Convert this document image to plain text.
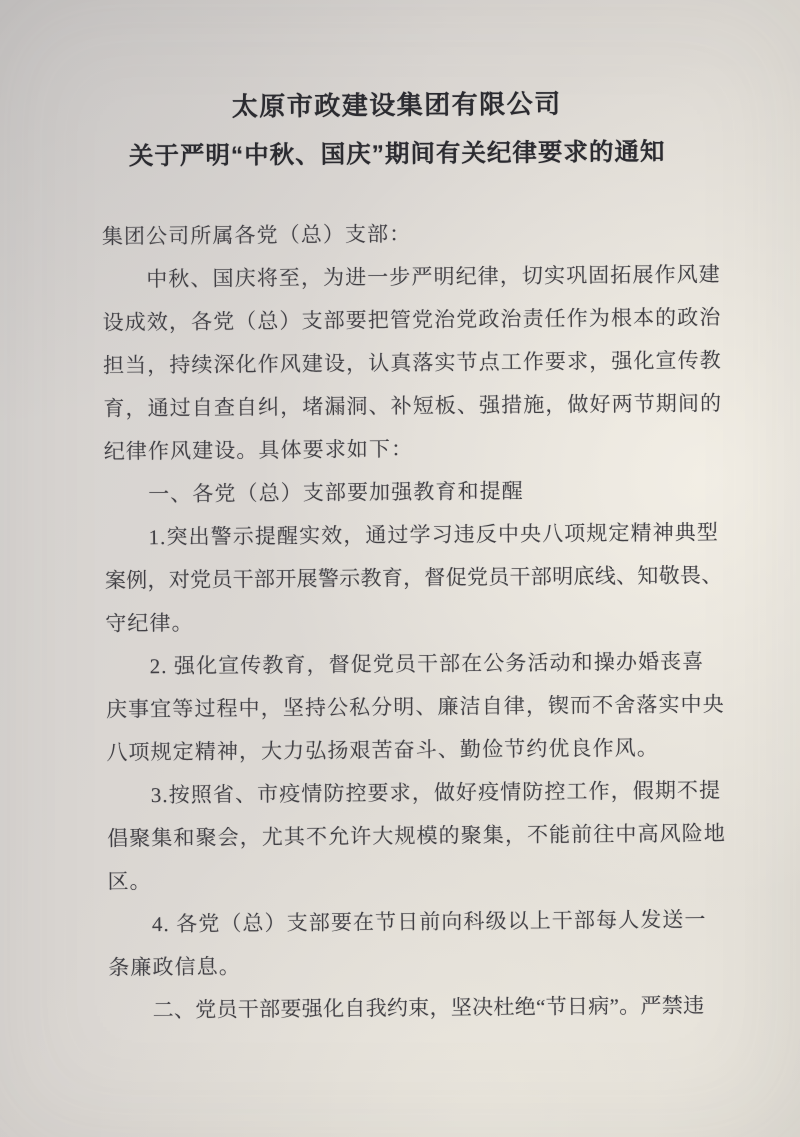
太原市政建设集团有限公司
关于严明“中秋、国庆”期间有关纪律要求的通知
集团公司所属各党（总）支部：
中秋、国庆将至，为进一步严明纪律，切实巩固拓展作风建
设成效，各党（总）支部要把管党治党政治责任作为根本的政治
担当，持续深化作风建设，认真落实节点工作要求，强化宣传教
育，通过自查自纠，堵漏洞、补短板、强措施，做好两节期间的
纪律作风建设。具体要求如下：
一、各党（总）支部要加强教育和提醒
1.突出警示提醒实效，通过学习违反中央八项规定精神典型
案例，对党员干部开展警示教育，督促党员干部明底线、知敬畏、
守纪律。
2. 强化宣传教育，督促党员干部在公务活动和操办婚丧喜
庆事宜等过程中，坚持公私分明、廉洁自律，锲而不舍落实中央
八项规定精神，大力弘扬艰苦奋斗、勤俭节约优良作风。
3.按照省、市疫情防控要求，做好疫情防控工作，假期不提
倡聚集和聚会，尤其不允许大规模的聚集，不能前往中高风险地
区。
4. 各党（总）支部要在节日前向科级以上干部每人发送一
条廉政信息。
二、党员干部要强化自我约束，坚决杜绝“节日病”。严禁违
